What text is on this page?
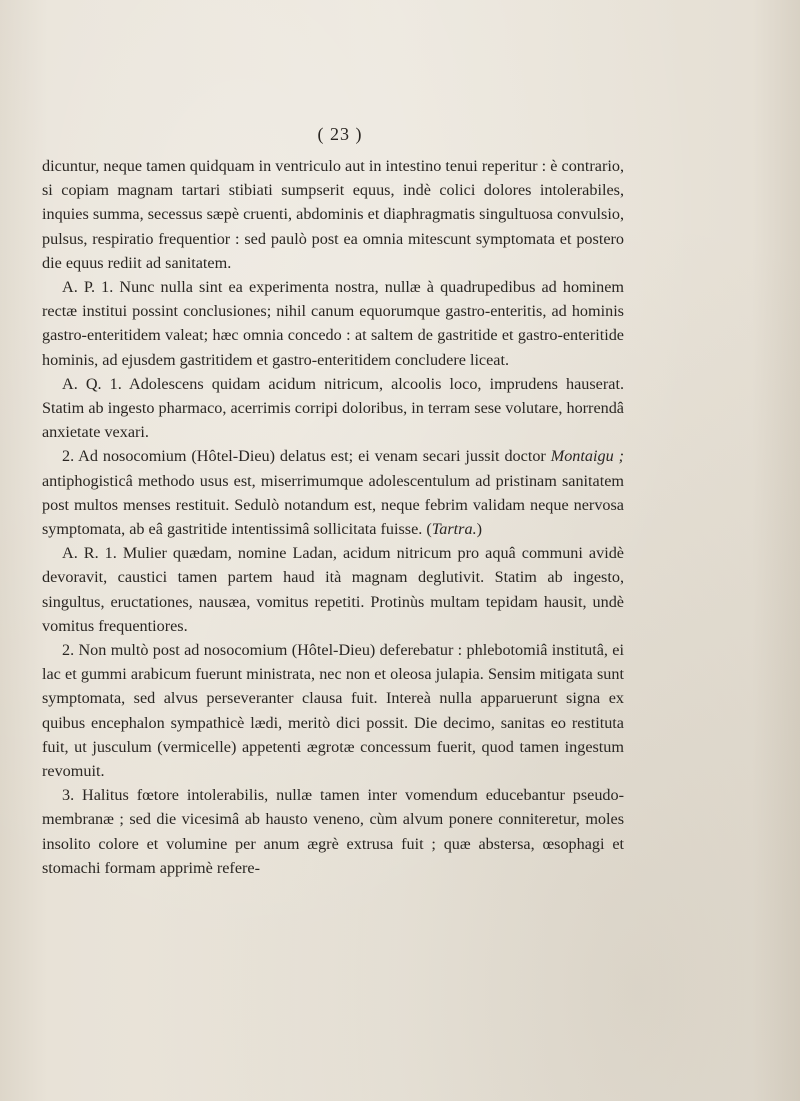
( 23 )

dicuntur, neque tamen quidquam in ventriculo aut in intestino tenui reperitur : è contrario, si copiam magnam tartari stibiati sumpserit equus, indè colici dolores intolerabiles, inquies summa, secessus sæpè cruenti, abdominis et diaphragmatis singultuosa convulsio, pulsus, respiratio frequentior : sed paulò post ea omnia mitescunt symptomata et postero die equus rediit ad sanitatem.

A. P. 1. Nunc nulla sint ea experimenta nostra, nullæ à quadrupedibus ad hominem rectæ institui possint conclusiones; nihil canum equorumque gastro-enteritis, ad hominis gastro-enteritidem valeat; hæc omnia concedo : at saltem de gastritide et gastro-enteritide hominis, ad ejusdem gastritidem et gastro-enteritidem concludere liceat.

A. Q. 1. Adolescens quidam acidum nitricum, alcoolis loco, imprudens hauserat. Statim ab ingesto pharmaco, acerrimis corripi doloribus, in terram sese volutare, horrendâ anxietate vexari.

2. Ad nosocomium (Hôtel-Dieu) delatus est; ei venam secari jussit doctor Montaigu ; antiphogisticâ methodo usus est, miserrimumque adolescentulum ad pristinam sanitatem post multos menses restituit. Sedulò notandum est, neque febrim validam neque nervosa symptomata, ab eâ gastritide intentissimâ sollicitata fuisse. (Tartra.)

A. R. 1. Mulier quædam, nomine Ladan, acidum nitricum pro aquâ communi avidè devoravit, caustici tamen partem haud ità magnam deglutivit. Statim ab ingesto, singultus, eructationes, nausæa, vomitus repetiti. Protinùs multam tepidam hausit, undè vomitus frequentiores.

2. Non multò post ad nosocomium (Hôtel-Dieu) deferebatur : phlebotomiâ institutâ, ei lac et gummi arabicum fuerunt ministrata, nec non et oleosa julapia. Sensim mitigata sunt symptomata, sed alvus perseveranter clausa fuit. Intereà nulla apparuerunt signa ex quibus encephalon sympathicè lædi, meritò dici possit. Die decimo, sanitas eo restituta fuit, ut jusculum (vermicelle) appetenti ægrotæ concessum fuerit, quod tamen ingestum revomuit.

3. Halitus fœtore intolerabilis, nullæ tamen inter vomendum educebantur pseudo-membranæ ; sed die vicesimâ ab hausto veneno, cùm alvum ponere conniteretur, moles insolito colore et volumine per anum ægrè extrusa fuit ; quæ abstersa, œsophagi et stomachi formam apprimè refere-
